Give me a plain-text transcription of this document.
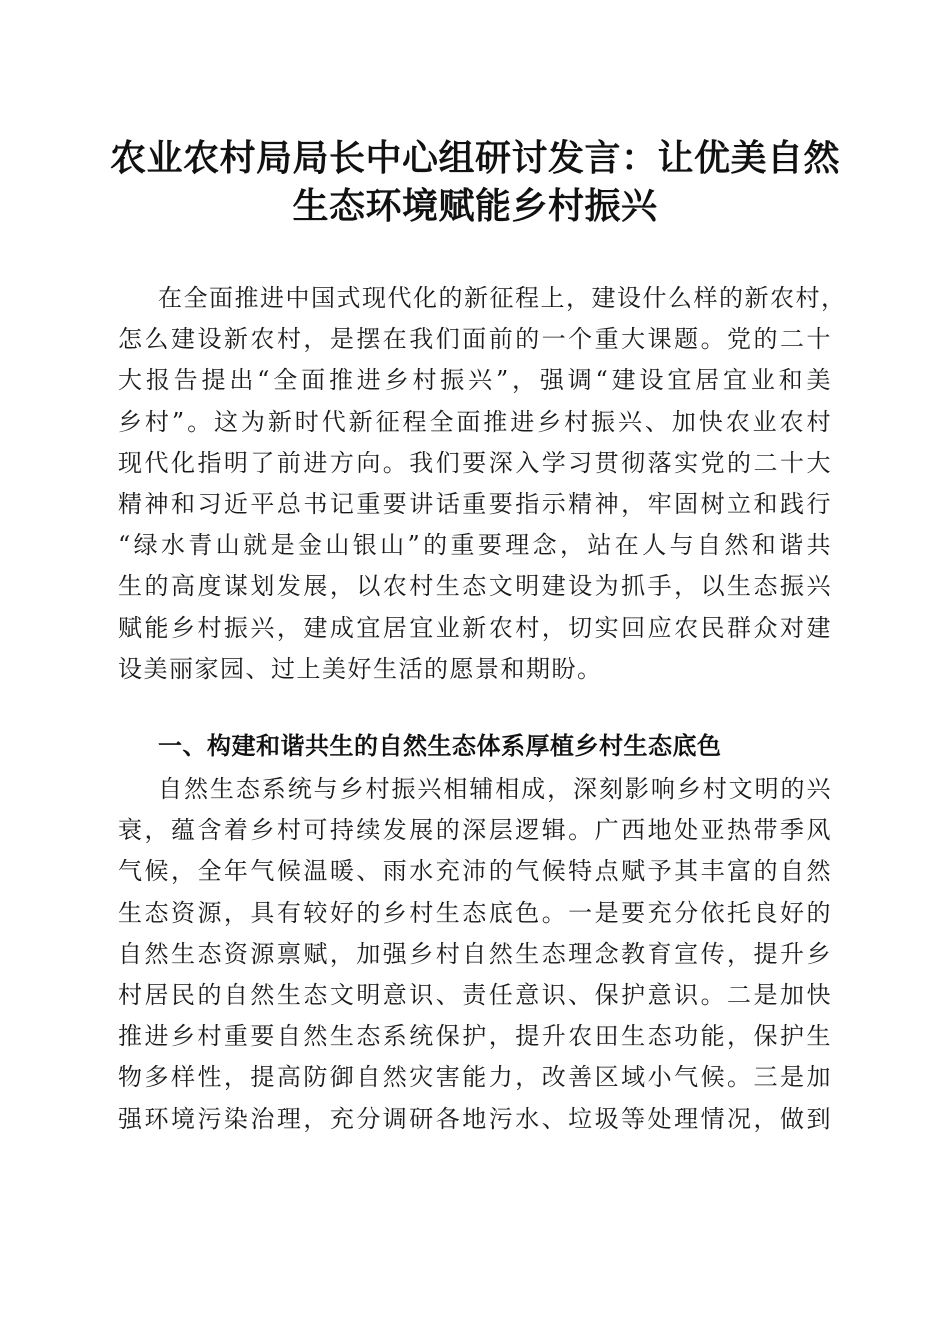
农业农村局局长中心组研讨发言：让优美自然
生态环境赋能乡村振兴
在全面推进中国式现代化的新征程上，建设什么样的新农村，
怎么建设新农村，是摆在我们面前的一个重大课题。党的二十
大报告提出“全面推进乡村振兴”，强调“建设宜居宜业和美
乡村”。这为新时代新征程全面推进乡村振兴、加快农业农村
现代化指明了前进方向。我们要深入学习贯彻落实党的二十大
精神和习近平总书记重要讲话重要指示精神，牢固树立和践行
“绿水青山就是金山银山”的重要理念，站在人与自然和谐共
生的高度谋划发展，以农村生态文明建设为抓手，以生态振兴
赋能乡村振兴，建成宜居宜业新农村，切实回应农民群众对建
设美丽家园、过上美好生活的愿景和期盼。
一、构建和谐共生的自然生态体系厚植乡村生态底色
自然生态系统与乡村振兴相辅相成，深刻影响乡村文明的兴
衰，蕴含着乡村可持续发展的深层逻辑。广西地处亚热带季风
气候，全年气候温暖、雨水充沛的气候特点赋予其丰富的自然
生态资源，具有较好的乡村生态底色。一是要充分依托良好的
自然生态资源禀赋，加强乡村自然生态理念教育宣传，提升乡
村居民的自然生态文明意识、责任意识、保护意识。二是加快
推进乡村重要自然生态系统保护，提升农田生态功能，保护生
物多样性，提高防御自然灾害能力，改善区域小气候。三是加
强环境污染治理，充分调研各地污水、垃圾等处理情况，做到
